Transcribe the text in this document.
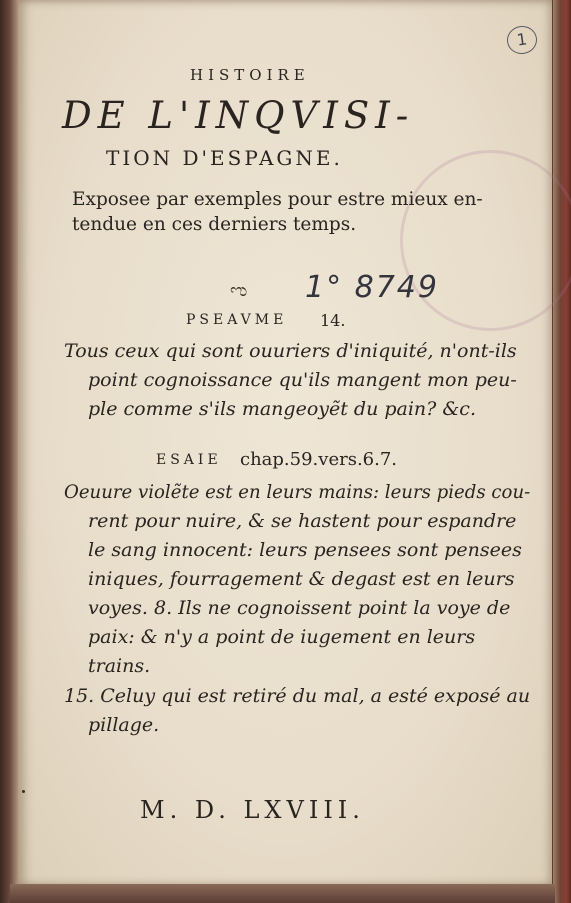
1
HISTOIRE
DE L'INQVISI-
TION D'ESPAGNE.
Exposee par exemples pour estre mieux en-
tendue en ces derniers temps.
ಌ 1° 8749
PSEAVME 14.
Tous ceux qui sont ouuriers d'iniquité, n'ont-ils
point cognoissance qu'ils mangent mon peu-
ple comme s'ils mangeoyẽt du pain? &c.
ESAIE chap.59.vers.6.7.
Oeuure violẽte est en leurs mains: leurs pieds cou-
rent pour nuire, & se hastent pour espandre
le sang innocent: leurs pensees sont pensees
iniques, fourragement & degast est en leurs
voyes. 8. Ils ne cognoissent point la voye de
paix: & n'y a point de iugement en leurs
trains.
15. Celuy qui est retiré du mal, a esté exposé au
pillage.
M. D. LXVIII.
